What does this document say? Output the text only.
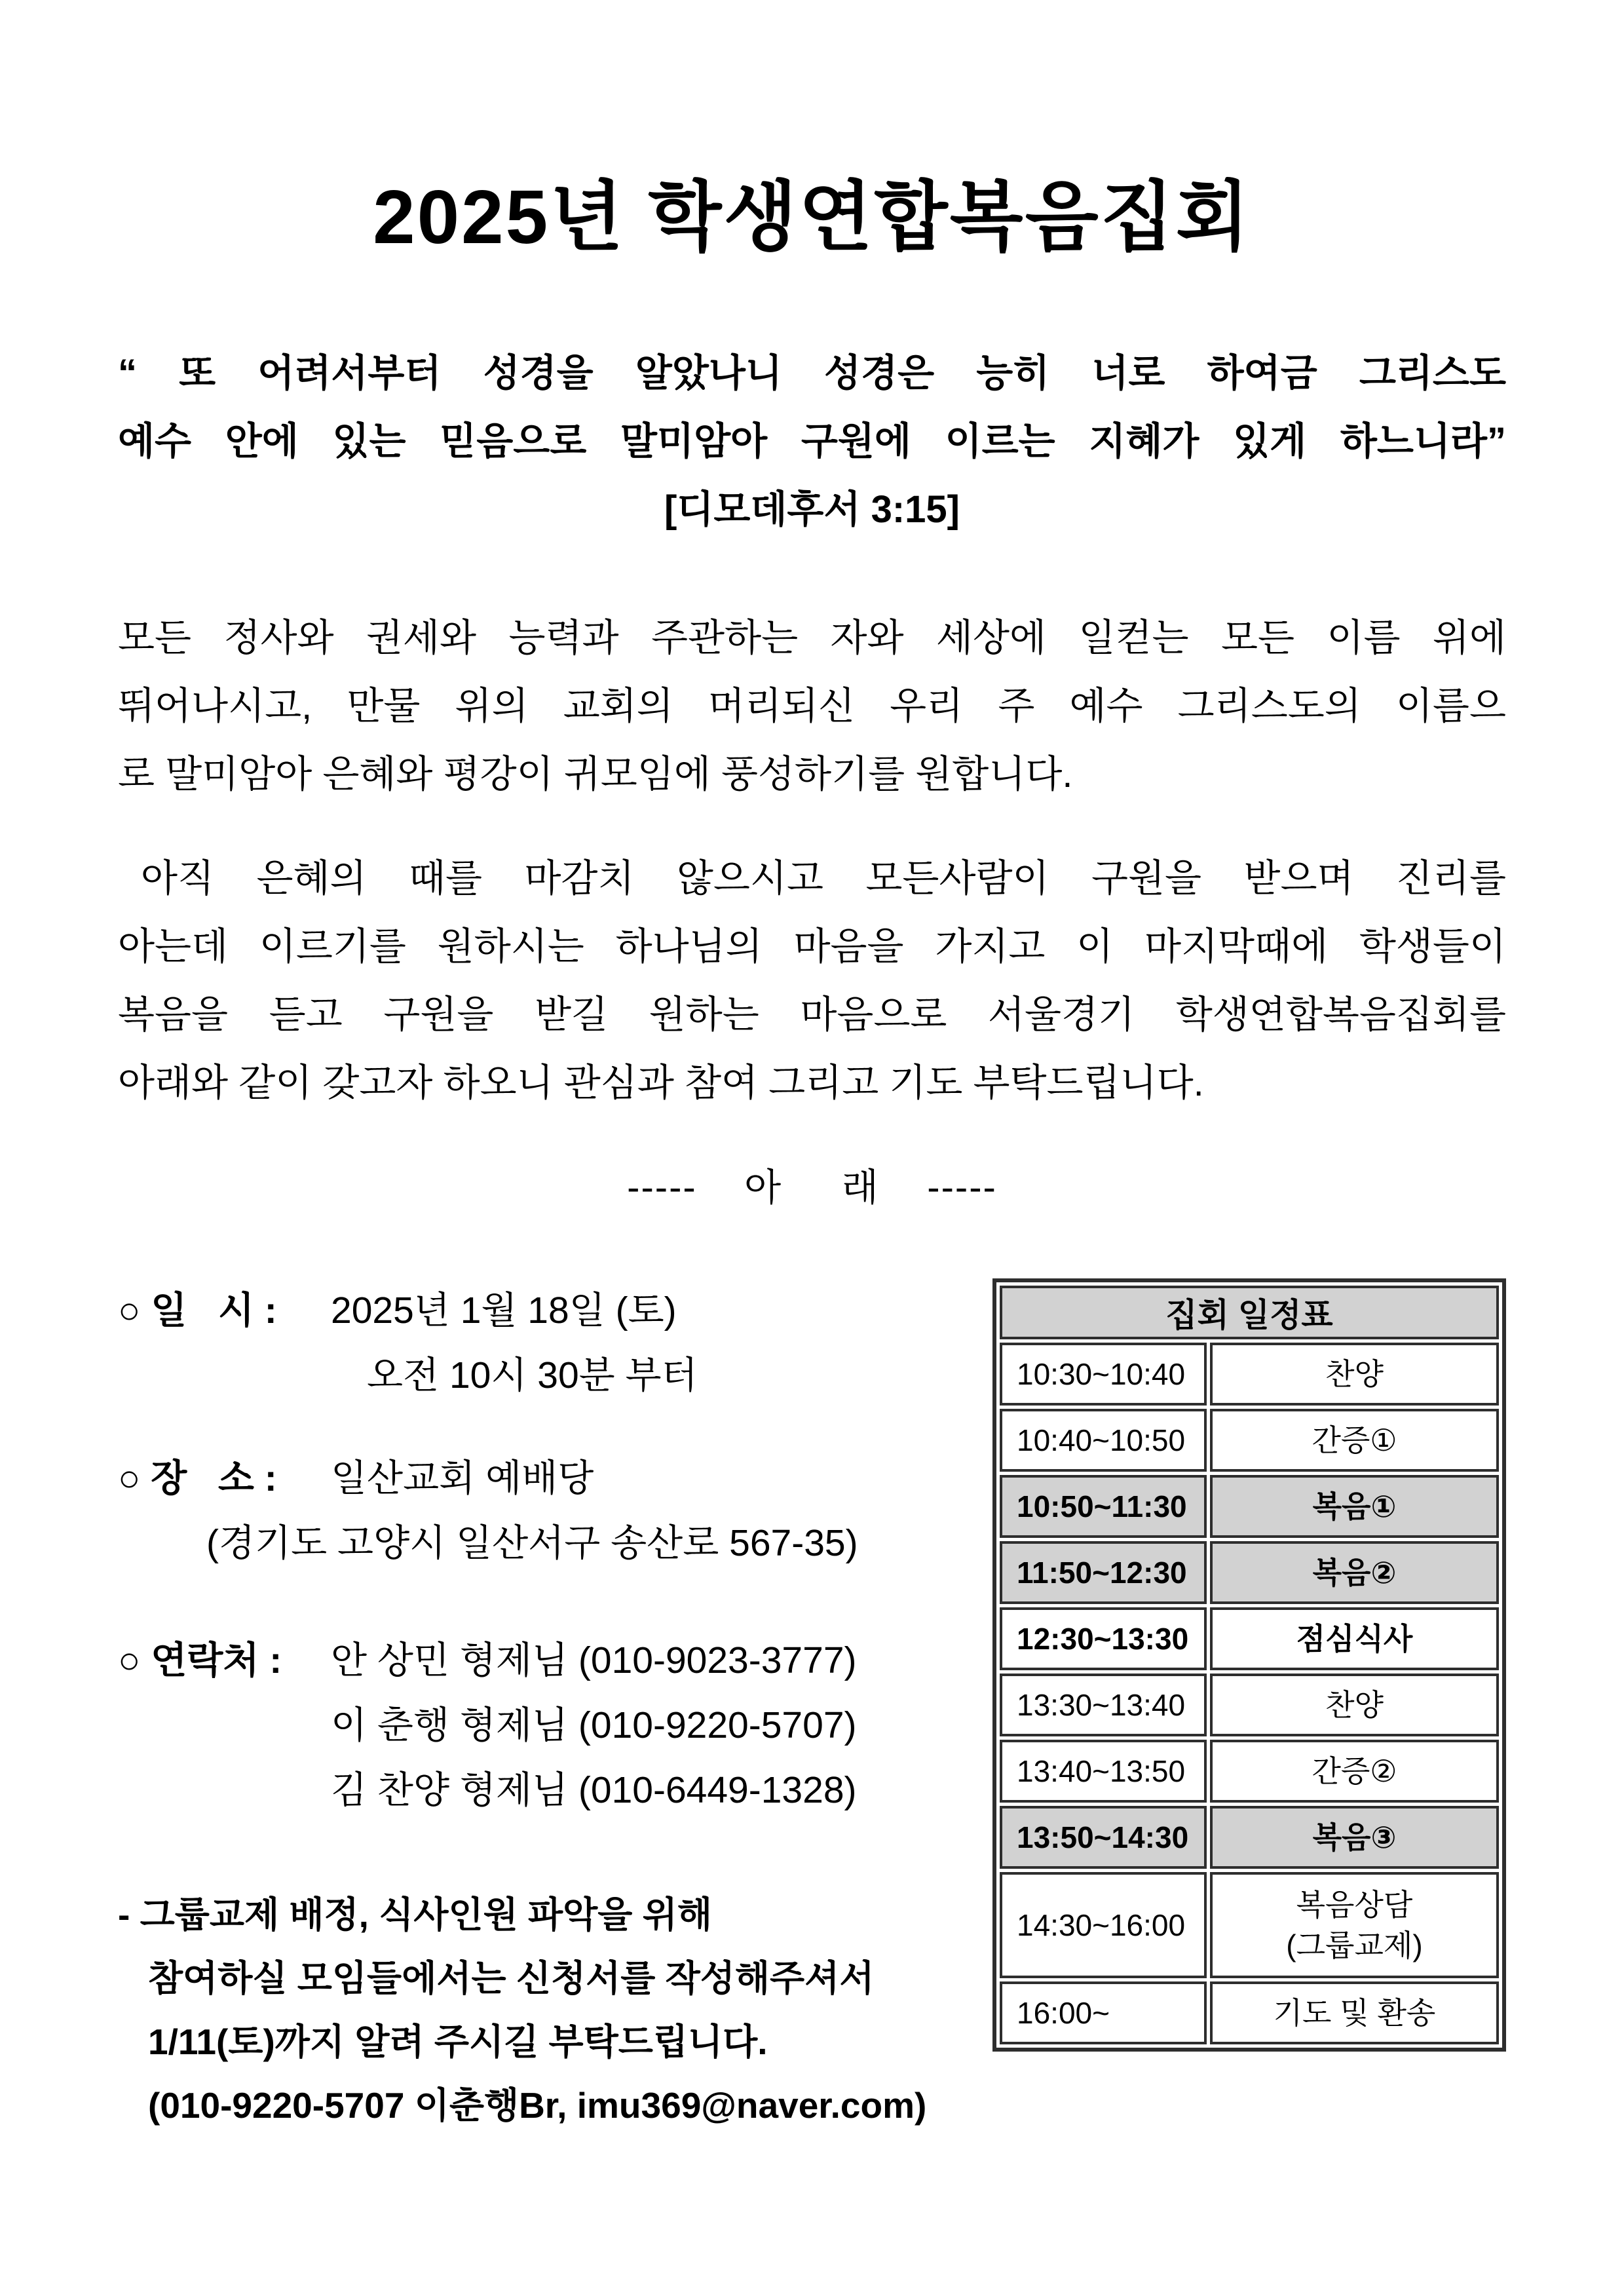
2025년 학생연합복음집회
“ 또 어려서부터 성경을 알았나니 성경은 능히 너로 하여금 그리스도
예수 안에 있는 믿음으로 말미암아 구원에 이르는 지혜가 있게 하느니라”
[디모데후서 3:15]
모든 정사와 권세와 능력과 주관하는 자와 세상에 일컫는 모든 이름 위에
뛰어나시고, 만물 위의 교회의 머리되신 우리 주 예수 그리스도의 이름으
로 말미암아 은혜와 평강이 귀모임에 풍성하기를 원합니다.
아직 은혜의 때를 마감치 않으시고 모든사람이 구원을 받으며 진리를
아는데 이르기를 원하시는 하나님의 마음을 가지고 이 마지막때에 학생들이
복음을 듣고 구원을 받길 원하는 마음으로 서울경기 학생연합복음집회를
아래와 같이 갖고자 하오니 관심과 참여 그리고 기도 부탁드립니다.
-----    아     래    -----
○ 일   시 : 2025년 1월 18일 (토)
오전 10시 30분 부터
○ 장   소 : 일산교회 예배당
(경기도 고양시 일산서구 송산로 567-35)
○ 연락처 : 안 상민 형제님 (010-9023-3777)
이 춘행 형제님 (010-9220-5707)
김 찬양 형제님 (010-6449-1328)
- 그룹교제 배정, 식사인원 파악을 위해
참여하실 모임들에서는 신청서를 작성해주셔서
1/11(토)까지 알려 주시길 부탁드립니다.
(010-9220-5707 이춘행Br, imu369@naver.com)
집회 일정표	
10:30~10:40	찬양
10:40~10:50	간증①
10:50~11:30	복음①
11:50~12:30	복음②
12:30~13:30	점심식사
13:30~13:40	찬양
13:40~13:50	간증②
13:50~14:30	복음③
14:30~16:00	복음상담
(그룹교제)

16:00~	기도 및 환송
